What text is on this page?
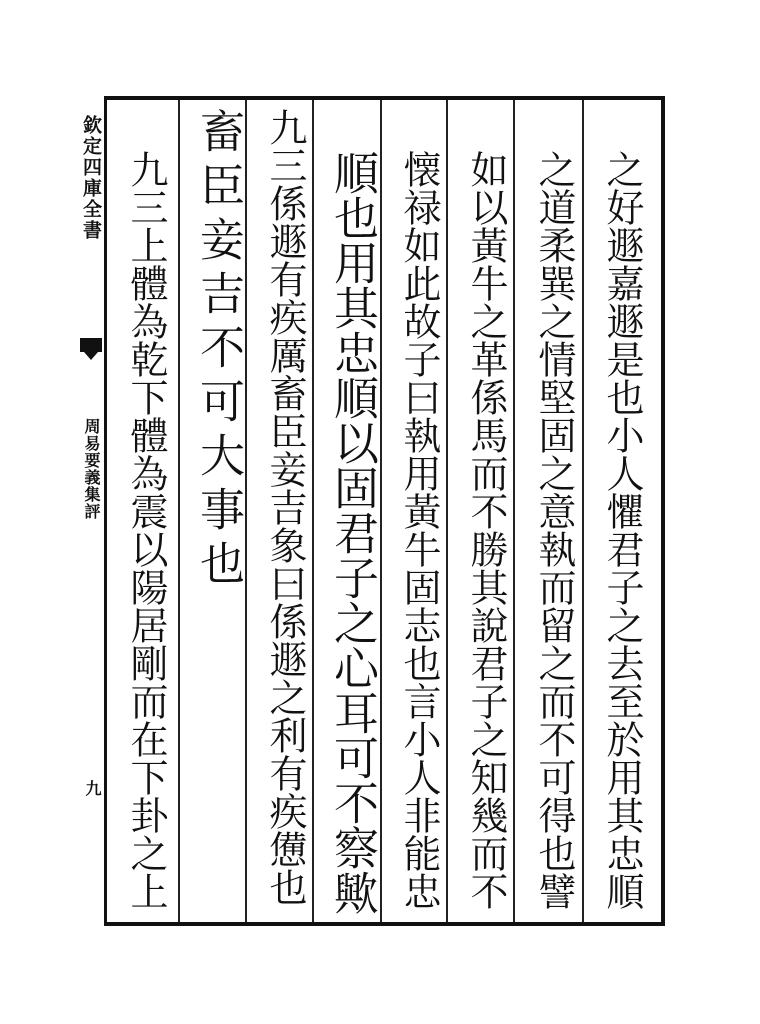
欽定四庫全書
周易要義集評
九	之好遯嘉遯是也小人懼君子之去至於用其忠順
之道柔巽之情堅固之意執而留之而不可得也譬
如以黃牛之革係馬而不勝其說君子之知幾而不
懐禄如此故子曰執用黃牛固志也言小人非能忠
順也用其忠順以固君子之心耳可不察歟
九三係遯有疾厲畜臣妾吉象曰係遯之利有疾憊也
畜臣妾吉不可大事也
九三上體為乾下體為震以陽居剛而在下卦之上
